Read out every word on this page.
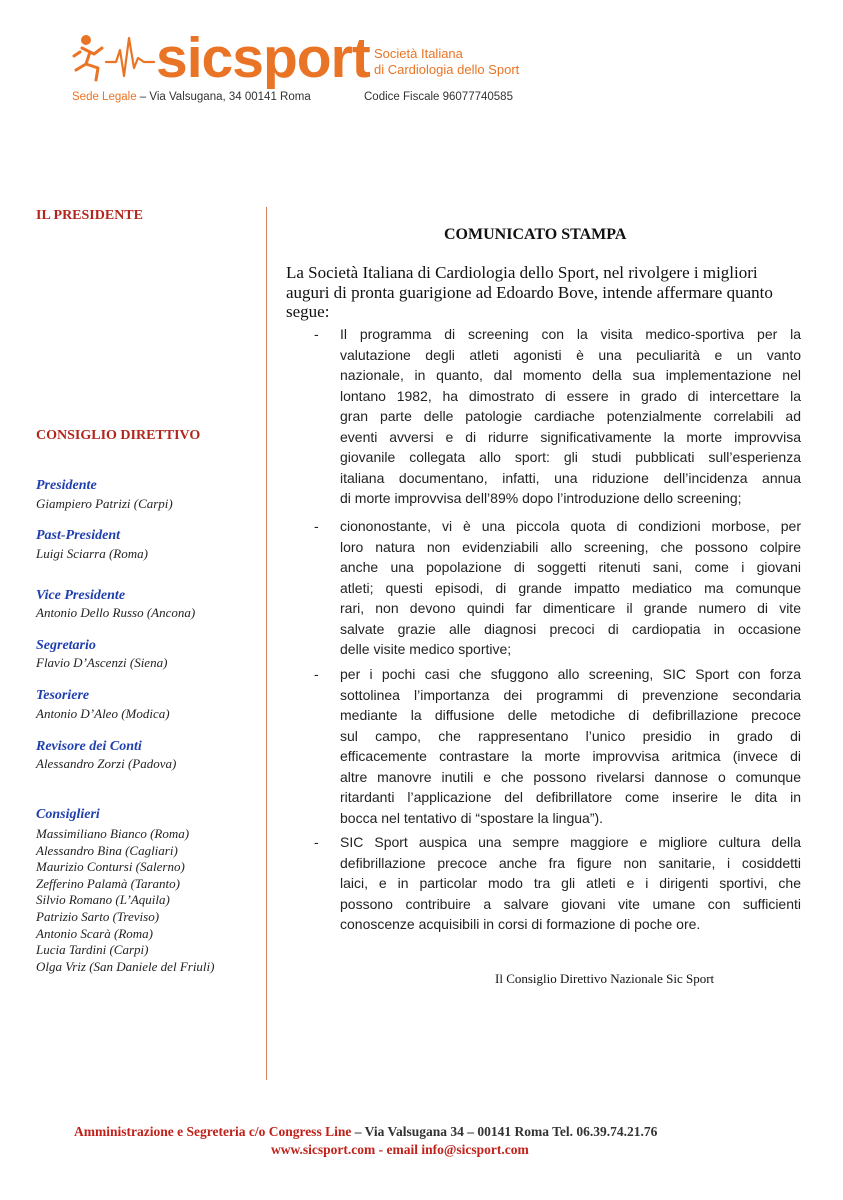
sicsport Società Italiana
di Cardiologia dello Sport
Sede Legale – Via Valsugana, 34 00141 Roma	Codice Fiscale 96077740585
IL PRESIDENTE
CONSIGLIO DIRETTIVO
Presidente
Giampiero Patrizi (Carpi)
Past-President
Luigi Sciarra (Roma)
Vice Presidente
Antonio Dello Russo (Ancona)
Segretario
Flavio D’Ascenzi (Siena)
Tesoriere
Antonio D’Aleo (Modica)
Revisore dei Conti
Alessandro Zorzi (Padova)
Consiglieri
Massimiliano Bianco (Roma)
Alessandro Bina (Cagliari)
Maurizio Contursi (Salerno)
Zefferino Palamà (Taranto)
Silvio Romano (L’Aquila)
Patrizio Sarto (Treviso)
Antonio Scarà (Roma)
Lucia Tardini (Carpi)
Olga Vriz (San Daniele del Friuli)
COMUNICATO STAMPA
La Società Italiana di Cardiologia dello Sport, nel rivolgere i migliori
auguri di pronta guarigione ad Edoardo Bove, intende affermare quanto
segue:
-	Il programma di screening con la visita medico-sportiva per la
valutazione degli atleti agonisti è una peculiarità e un vanto
nazionale, in quanto, dal momento della sua implementazione nel
lontano 1982, ha dimostrato di essere in grado di intercettare la
gran parte delle patologie cardiache potenzialmente correlabili ad
eventi avversi e di ridurre significativamente la morte improvvisa
giovanile collegata allo sport: gli studi pubblicati sull’esperienza
italiana documentano, infatti, una riduzione dell’incidenza annua
di morte improvvisa dell’89% dopo l’introduzione dello screening;
-	ciononostante, vi è una piccola quota di condizioni morbose, per
loro natura non evidenziabili allo screening, che possono colpire
anche una popolazione di soggetti ritenuti sani, come i giovani
atleti; questi episodi, di grande impatto mediatico ma comunque
rari, non devono quindi far dimenticare il grande numero di vite
salvate grazie alle diagnosi precoci di cardiopatia in occasione
delle visite medico sportive;
-	per i pochi casi che sfuggono allo screening, SIC Sport con forza
sottolinea l’importanza dei programmi di prevenzione secondaria
mediante la diffusione delle metodiche di defibrillazione precoce
sul campo, che rappresentano l’unico presidio in grado di
efficacemente contrastare la morte improvvisa aritmica (invece di
altre manovre inutili e che possono rivelarsi dannose o comunque
ritardanti l’applicazione del defibrillatore come inserire le dita in
bocca nel tentativo di “spostare la lingua”).
-	SIC Sport auspica una sempre maggiore e migliore cultura della
defibrillazione precoce anche fra figure non sanitarie, i cosiddetti
laici, e in particolar modo tra gli atleti e i dirigenti sportivi, che
possono contribuire a salvare giovani vite umane con sufficienti
conoscenze acquisibili in corsi di formazione di poche ore.
Il Consiglio Direttivo Nazionale Sic Sport
Amministrazione e Segreteria c/o Congress Line – Via Valsugana 34 – 00141 Roma Tel. 06.39.74.21.76
www.sicsport.com - email info@sicsport.com
